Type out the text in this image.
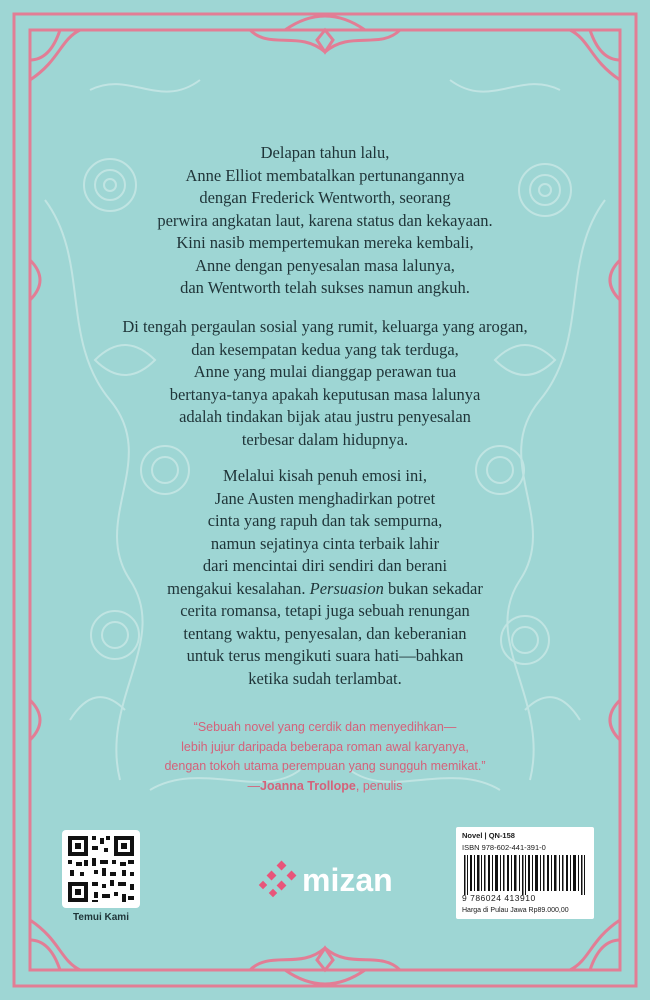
Delapan tahun lalu,
Anne Elliot membatalkan pertunangannya
dengan Frederick Wentworth, seorang
perwira angkatan laut, karena status dan kekayaan.
Kini nasib mempertemukan mereka kembali,
Anne dengan penyesalan masa lalunya,
dan Wentworth telah sukses namun angkuh.
Di tengah pergaulan sosial yang rumit, keluarga yang arogan,
dan kesempatan kedua yang tak terduga,
Anne yang mulai dianggap perawan tua
bertanya-tanya apakah keputusan masa lalunya
adalah tindakan bijak atau justru penyesalan
terbesar dalam hidupnya.
Melalui kisah penuh emosi ini,
Jane Austen menghadirkan potret
cinta yang rapuh dan tak sempurna,
namun sejatinya cinta terbaik lahir
dari mencintai diri sendiri dan berani
mengakui kesalahan. Persuasion bukan sekadar
cerita romansa, tetapi juga sebuah renungan
tentang waktu, penyesalan, dan keberanian
untuk terus mengikuti suara hati—bahkan
ketika sudah terlambat.
“Sebuah novel yang cerdik dan menyedihkan—
lebih jujur daripada beberapa roman awal karyanya,
dengan tokoh utama perempuan yang sungguh memikat.”
—Joanna Trollope, penulis
Temui Kami
mizan
Novel | QN-158
ISBN 978-602-441-391-0
9 786024 413910
Harga di Pulau Jawa Rp89.000,00
